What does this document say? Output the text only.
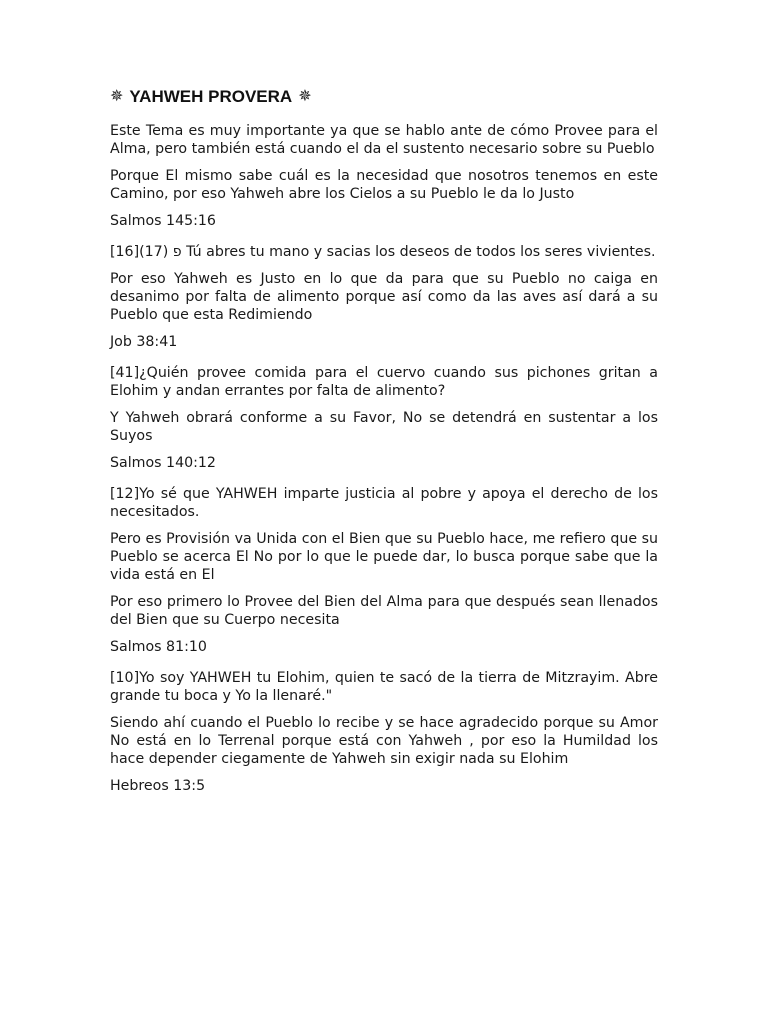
✵ YAHWEH PROVERA ✵

Este Tema es muy importante ya que se hablo ante de cómo Provee para el Alma, pero también está cuando el da el sustento necesario sobre su Pueblo

Porque El mismo sabe cuál es la necesidad que nosotros tenemos en este Camino, por eso Yahweh abre los Cielos a su Pueblo le da lo Justo

Salmos 145:16

[16](17) פ Tú abres tu mano y sacias los deseos de todos los seres vivientes.

Por eso Yahweh es Justo en lo que da para que su Pueblo no caiga en desanimo por falta de alimento porque así como da las aves así dará a su Pueblo que esta Redimiendo

Job 38:41

[41]¿Quién provee comida para el cuervo cuando sus pichones gritan a Elohim y andan errantes por falta de alimento?

Y Yahweh obrará conforme a su Favor, No se detendrá en sustentar a los Suyos

Salmos 140:12

[12]Yo sé que YAHWEH imparte justicia al pobre y apoya el derecho de los necesitados.

Pero es Provisión va Unida con el Bien que su Pueblo hace, me refiero que su Pueblo se acerca El No por lo que le puede dar, lo busca porque sabe que la vida está en El

Por eso primero lo Provee del Bien del Alma para que después sean llenados del Bien que su Cuerpo necesita

Salmos 81:10

[10]Yo soy YAHWEH tu Elohim, quien te sacó de la tierra de Mitzrayim. Abre grande tu boca y Yo la llenaré."

Siendo ahí cuando el Pueblo lo recibe y se hace agradecido porque su Amor No está en lo Terrenal porque está con Yahweh , por eso la Humildad los hace depender ciegamente de Yahweh sin exigir nada su Elohim

Hebreos 13:5
